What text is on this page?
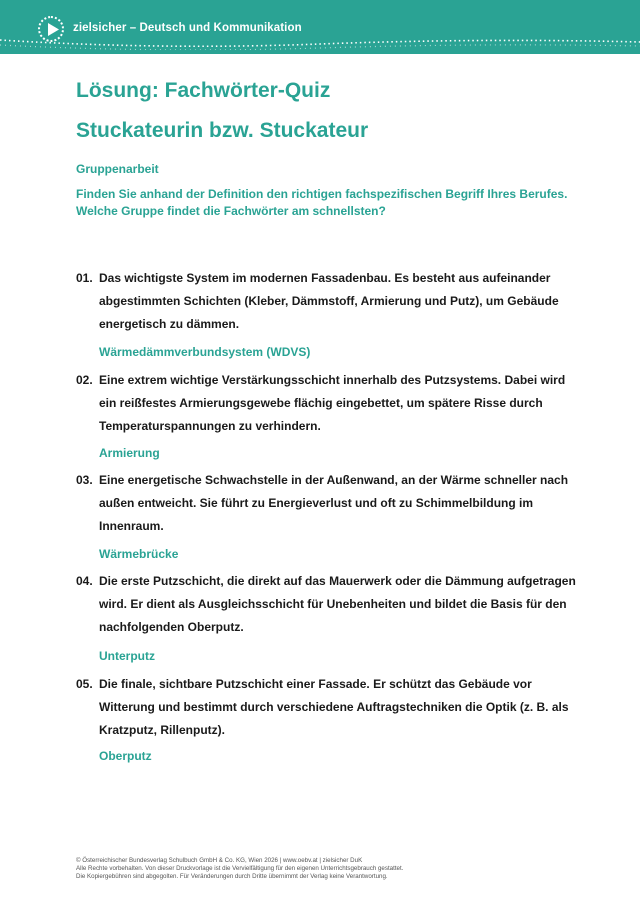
zielsicher – Deutsch und Kommunikation
Lösung: Fachwörter-Quiz
Stuckateurin bzw. Stuckateur
Gruppenarbeit
Finden Sie anhand der Definition den richtigen fachspezifischen Begriff Ihres Berufes. Welche Gruppe findet die Fachwörter am schnellsten?
01. Das wichtigste System im modernen Fassadenbau. Es besteht aus aufeinander abgestimmten Schichten (Kleber, Dämmstoff, Armierung und Putz), um Gebäude energetisch zu dämmen.
Wärmedämmverbundsystem (WDVS)
02. Eine extrem wichtige Verstärkungsschicht innerhalb des Putzsystems. Dabei wird ein reißfestes Armierungsgewebe flächig eingebettet, um spätere Risse durch Temperaturspannungen zu verhindern.
Armierung
03. Eine energetische Schwachstelle in der Außenwand, an der Wärme schneller nach außen entweicht. Sie führt zu Energieverlust und oft zu Schimmelbildung im Innenraum.
Wärmebrücke
04. Die erste Putzschicht, die direkt auf das Mauerwerk oder die Dämmung aufgetragen wird. Er dient als Ausgleichsschicht für Unebenheiten und bildet die Basis für den nachfolgenden Oberputz.
Unterputz
05. Die finale, sichtbare Putzschicht einer Fassade. Er schützt das Gebäude vor Witterung und bestimmt durch verschiedene Auftragstechniken die Optik (z. B. als Kratzputz, Rillenputz).
Oberputz
© Österreichischer Bundesverlag Schulbuch GmbH & Co. KG, Wien 2026 | www.oebv.at | zielsicher DuK
Alle Rechte vorbehalten. Von dieser Druckvorlage ist die Vervielfältigung für den eigenen Unterrichtsgebrauch gestattet.
Die Kopiergebühren sind abgegolten. Für Veränderungen durch Dritte übernimmt der Verlag keine Verantwortung.
